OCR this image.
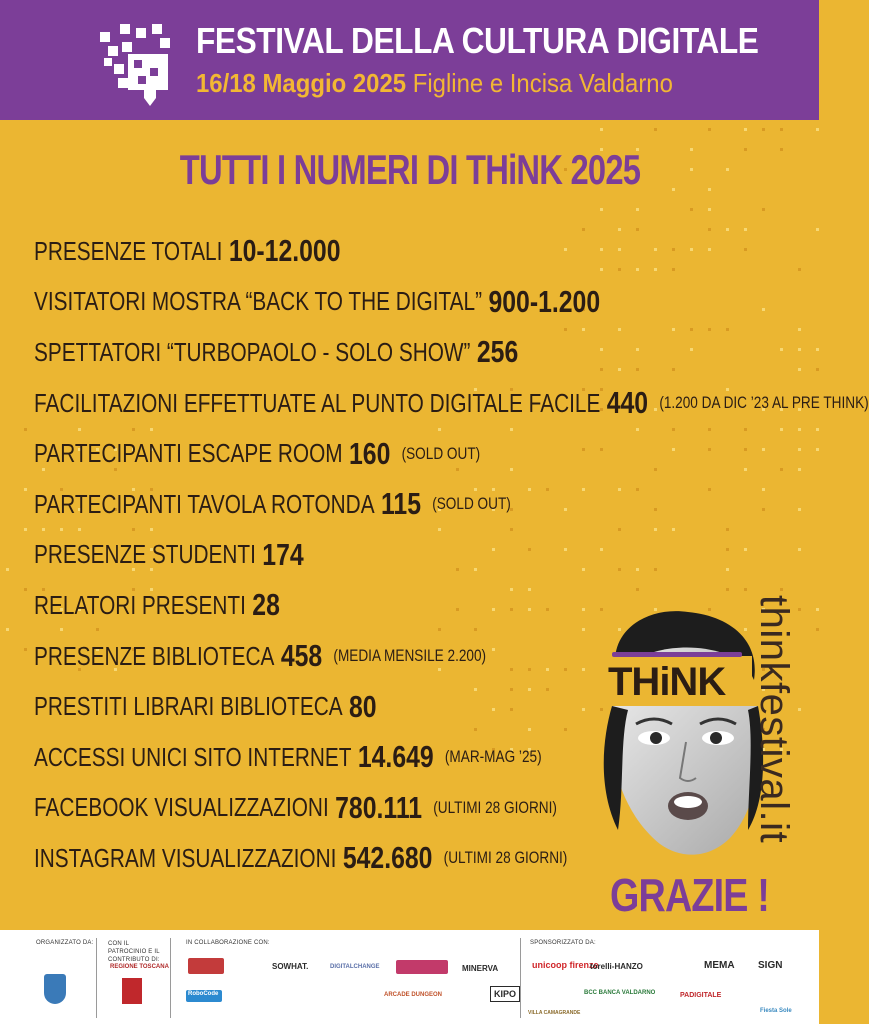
FESTIVAL DELLA CULTURA DIGITALE
16/18 Maggio 2025 Figline e Incisa Valdarno
TUTTI I NUMERI DI THiNK 2025
PRESENZE TOTALI 10-12.000
VISITATORI MOSTRA “BACK TO THE DIGITAL” 900-1.200
SPETTATORI “TURBOPAOLO - SOLO SHOW” 256
FACILITAZIONI EFFETTUATE AL PUNTO DIGITALE FACILE 440 (1.200 DA DIC ’23 AL PRE THINK)
PARTECIPANTI ESCAPE ROOM 160 (SOLD OUT)
PARTECIPANTI TAVOLA ROTONDA 115 (SOLD OUT)
PRESENZE STUDENTI 174
RELATORI PRESENTI 28
PRESENZE BIBLIOTECA 458 (MEDIA MENSILE 2.200)
PRESTITI LIBRARI BIBLIOTECA 80
ACCESSI UNICI SITO INTERNET 14.649 (MAR-MAG ’25)
FACEBOOK VISUALIZZAZIONI 780.111 (ULTIMI 28 GIORNI)
INSTAGRAM VISUALIZZAZIONI 542.680 (ULTIMI 28 GIORNI)
THiNK thinkfestival.it
GRAZIE !
ORGANIZZATO DA: CON IL PATROCINIO E IL CONTRIBUTO DI:
REGIONE TOSCANA
IN COLLABORAZIONE CON:
SOWHAT.	DIGITALCHANGE	MINERVA
RoboCode	ARCADE DUNGEON	KIPO
SPONSORIZZATO DA:
unicoop firenze
torelli-HANZO	MEMA SIGN
BCC BANCA VALDARNO	PADIGITALE
VILLA CAMAGRANDE	Fiesta Sole
